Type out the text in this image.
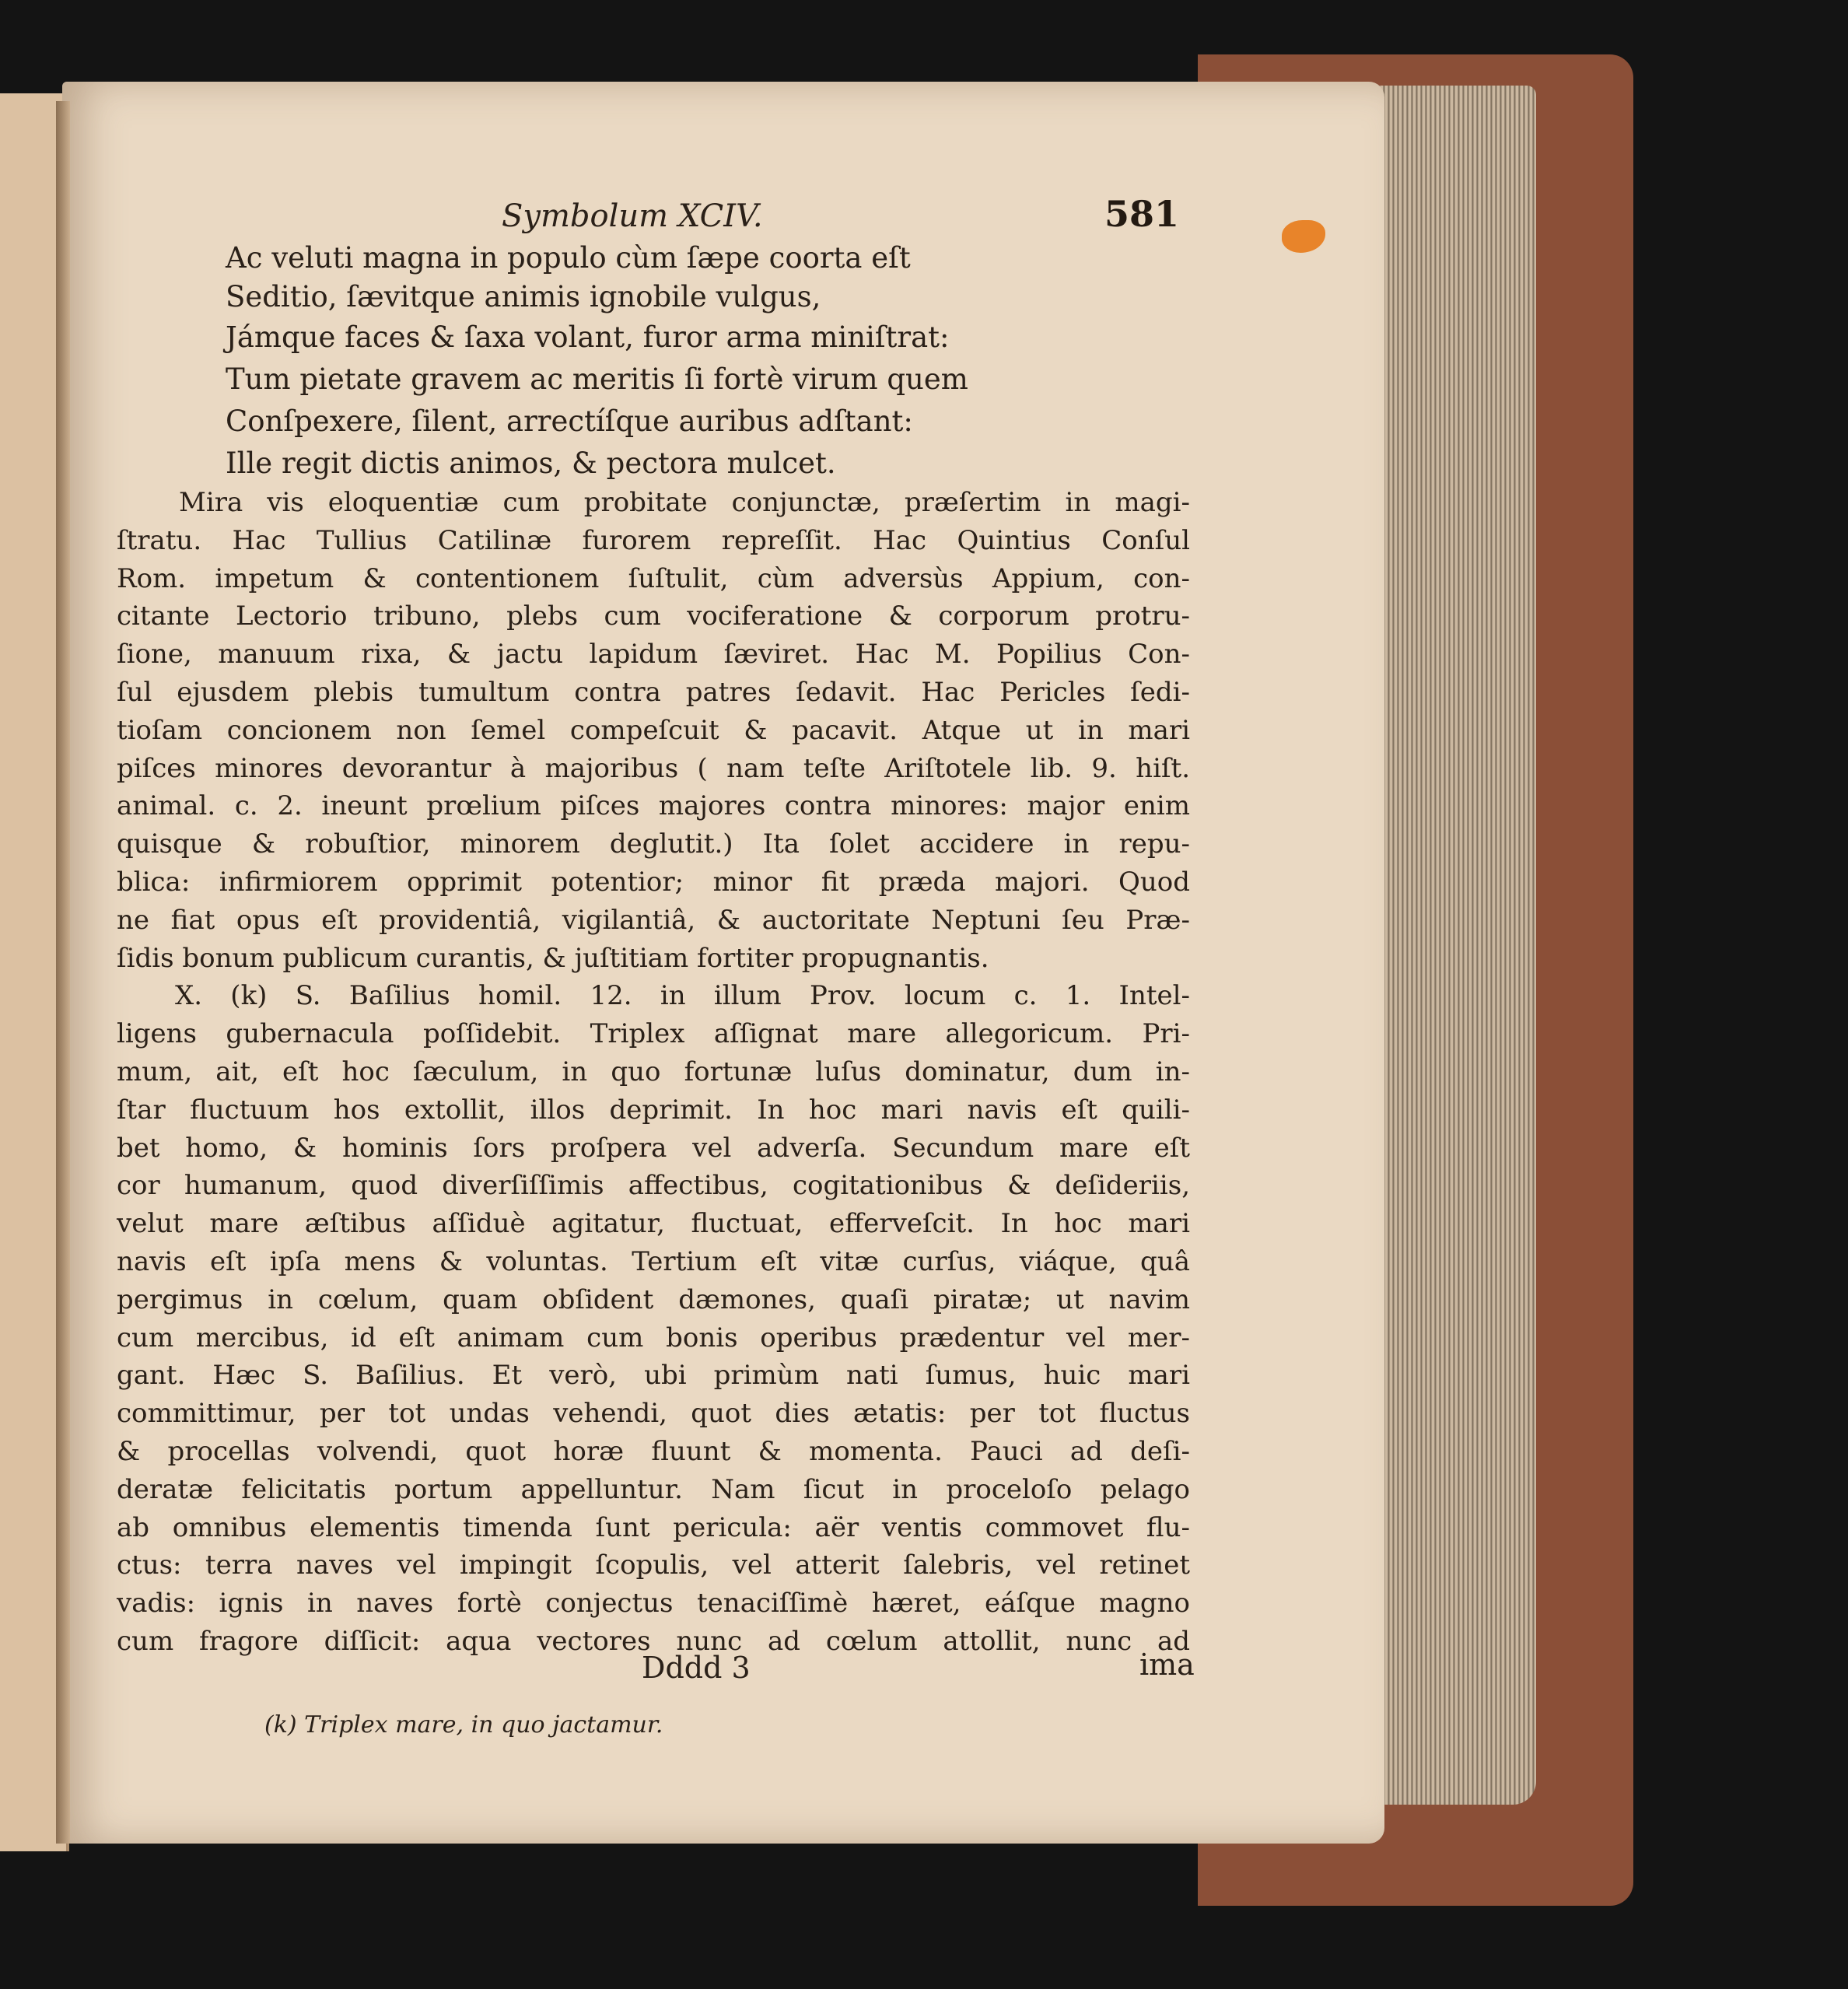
Symbolum XCIV.	581
Ac veluti magna in populo cùm ſæpe coorta eſt
Seditio, ſævitque animis ignobile vulgus,
Jámque faces & ſaxa volant, furor arma miniſtrat:
Tum pietate gravem ac meritis ſi fortè virum quem
Conſpexere, ſilent, arrectíſque auribus adſtant:
Ille regit dictis animos, & pectora mulcet.
Mira vis eloquentiæ cum probitate conjunctæ, præſertim in magi-
ſtratu. Hac Tullius Catilinæ furorem repreſſit. Hac Quintius Conſul
Rom. impetum & contentionem ſuſtulit, cùm adversùs Appium, con-
citante Lectorio tribuno, plebs cum vociferatione & corporum protru-
ſione, manuum rixa, & jactu lapidum ſæviret. Hac M. Popilius Con-
ſul ejusdem plebis tumultum contra patres ſedavit. Hac Pericles ſedi-
tioſam concionem non ſemel compeſcuit & pacavit. Atque ut in mari
piſces minores devorantur à majoribus ( nam teſte Ariſtotele lib. 9. hiſt.
animal. c. 2. ineunt prœlium piſces majores contra minores: major enim
quisque & robuſtior, minorem deglutit.) Ita ſolet accidere in repu-
blica: infirmiorem opprimit potentior; minor fit præda majori. Quod
ne fiat opus eſt providentiâ, vigilantiâ, & auctoritate Neptuni ſeu Præ-
ſidis bonum publicum curantis, & juſtitiam fortiter propugnantis.
X. (k) S. Baſilius homil. 12. in illum Prov. locum c. 1. Intel-
ligens gubernacula poſſidebit. Triplex aſſignat mare allegoricum. Pri-
mum, ait, eſt hoc ſæculum, in quo fortunæ luſus dominatur, dum in-
ſtar fluctuum hos extollit, illos deprimit. In hoc mari navis eſt quili-
bet homo, & hominis ſors proſpera vel adverſa. Secundum mare eſt
cor humanum, quod diverſiſſimis affectibus, cogitationibus & deſideriis,
velut mare æſtibus aſſiduè agitatur, fluctuat, effervеſcit. In hoc mari
navis eſt ipſa mens & voluntas. Tertium eſt vitæ curſus, viáque, quâ
pergimus in cœlum, quam obſident dæmones, quaſi piratæ; ut navim
cum mercibus, id eſt animam cum bonis operibus prædentur vel mer-
gant. Hæc S. Baſilius. Et verò, ubi primùm nati ſumus, huic mari
committimur, per tot undas vehendi, quot dies ætatis: per tot fluctus
& procellas volvendi, quot horæ fluunt & momenta. Pauci ad deſi-
deratæ felicitatis portum appelluntur. Nam ſicut in proceloſo pelago
ab omnibus elementis timenda ſunt pericula: aër ventis commovet flu-
Dddd 3	ima
(k) Triplex mare, in quo jactamur.
ctus: terra naves vel impingit ſcopulis, vel atterit ſalebris, vel retinet
vadis: ignis in naves fortè conjectus tenaciſſimè hæret, eáſque magno
cum fragore diſſicit: aqua vectores nunc ad cœlum attollit, nunc ad
